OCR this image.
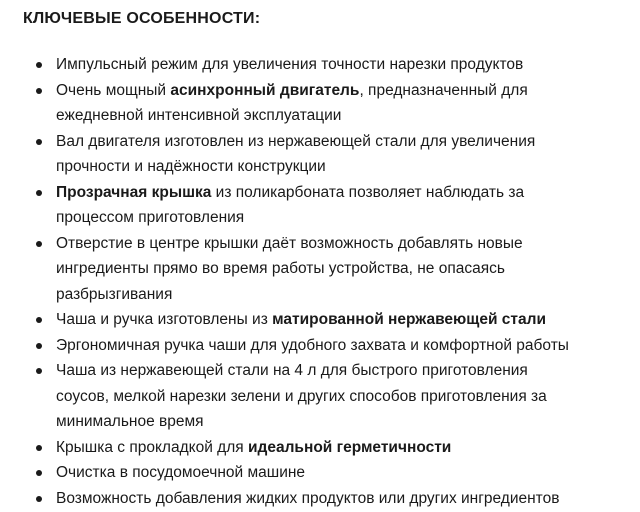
КЛЮЧЕВЫЕ ОСОБЕННОСТИ:
Импульсный режим для увеличения точности нарезки продуктов
Очень мощный асинхронный двигатель, предназначенный для
ежедневной интенсивной эксплуатации
Вал двигателя изготовлен из нержавеющей стали для увеличения
прочности и надёжности конструкции
Прозрачная крышка из поликарбоната позволяет наблюдать за
процессом приготовления
Отверстие в центре крышки даёт возможность добавлять новые
ингредиенты прямо во время работы устройства, не опасаясь
разбрызгивания
Чаша и ручка изготовлены из матированной нержавеющей стали
Эргономичная ручка чаши для удобного захвата и комфортной работы
Чаша из нержавеющей стали на 4 л для быстрого приготовления
соусов, мелкой нарезки зелени и других способов приготовления за
минимальное время
Крышка с прокладкой для идеальной герметичности
Очистка в посудомоечной машине
Возможность добавления жидких продуктов или других ингредиентов
